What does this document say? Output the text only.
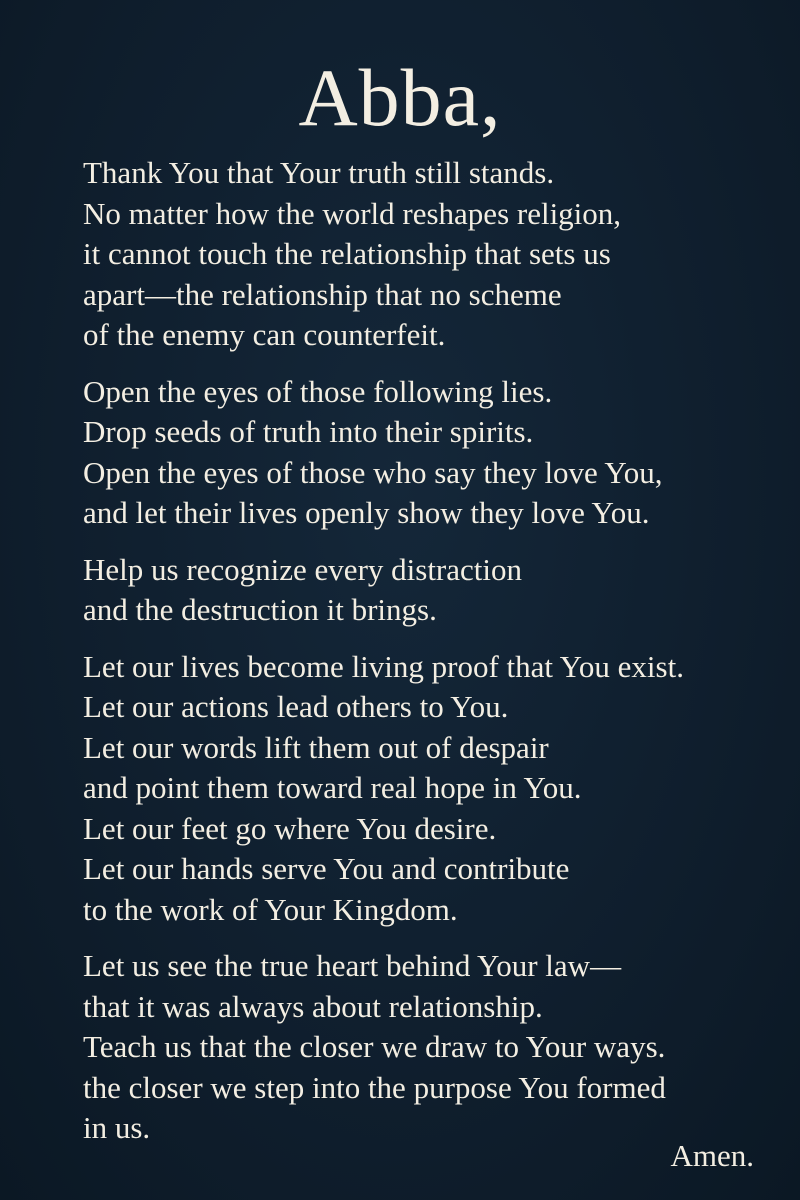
Abba,
Thank You that Your truth still stands.
No matter how the world reshapes religion,
it cannot touch the relationship that sets us
apart—the relationship that no scheme
of the enemy can counterfeit.
Open the eyes of those following lies.
Drop seeds of truth into their spirits.
Open the eyes of those who say they love You,
and let their lives openly show they love You.
Help us recognize every distraction
and the destruction it brings.
Let our lives become living proof that You exist.
Let our actions lead others to You.
Let our words lift them out of despair
and point them toward real hope in You.
Let our feet go where You desire.
Let our hands serve You and contribute
to the work of Your Kingdom.
Let us see the true heart behind Your law—
that it was always about relationship.
Teach us that the closer we draw to Your ways.
the closer we step into the purpose You formed
in us.
Amen.
